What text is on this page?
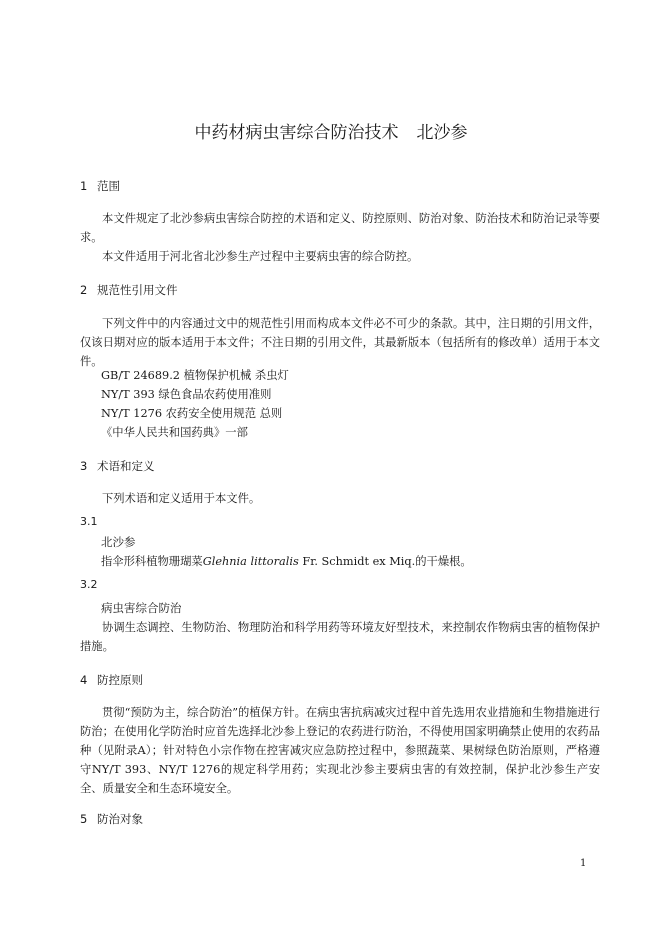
中药材病虫害综合防治技术 北沙参
1 范围

本文件规定了北沙参病虫害综合防控的术语和定义、防控原则、防治对象、防治技术和防治记录等要求。

本文件适用于河北省北沙参生产过程中主要病虫害的综合防控。

2 规范性引用文件

下列文件中的内容通过文中的规范性引用而构成本文件必不可少的条款。其中，注日期的引用文件，仅该日期对应的版本适用于本文件；不注日期的引用文件，其最新版本（包括所有的修改单）适用于本文件。

GB/T 24689.2 植物保护机械 杀虫灯
NY/T 393 绿色食品农药使用准则
NY/T 1276 农药安全使用规范 总则
《中华人民共和国药典》一部
3 术语和定义

下列术语和定义适用于本文件。

3.1
北沙参
指伞形科植物珊瑚菜Glehnia littoralis Fr. Schmidt ex Miq.的干燥根。
3.2
病虫害综合防治

协调生态调控、生物防治、物理防治和科学用药等环境友好型技术，来控制农作物病虫害的植物保护措施。

4 防控原则

贯彻“预防为主，综合防治”的植保方针。在病虫害抗病减灾过程中首先选用农业措施和生物措施进行防治；在使用化学防治时应首先选择北沙参上登记的农药进行防治，不得使用国家明确禁止使用的农药品种（见附录A）；针对特色小宗作物在控害减灾应急防控过程中，参照蔬菜、果树绿色防治原则，严格遵守NY/T 393、NY/T 1276的规定科学用药；实现北沙参主要病虫害的有效控制，保护北沙参生产安全、质量安全和生态环境安全。

5 防治对象
1
